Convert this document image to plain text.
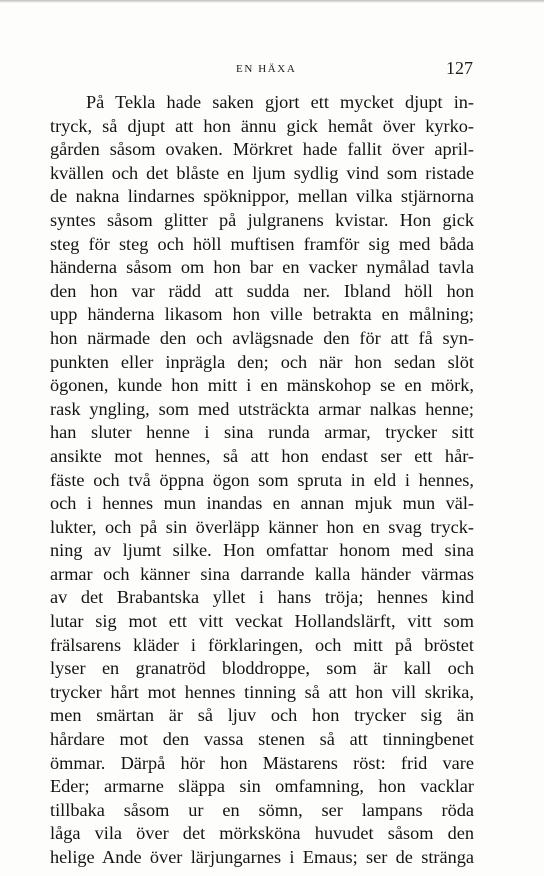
EN HÄXA	127
På Tekla hade saken gjort ett mycket djupt in-
tryck, så djupt att hon ännu gick hemåt över kyrko-
gården såsom ovaken. Mörkret hade fallit över april-
kvällen och det blåste en ljum sydlig vind som ristade
de nakna lindarnes spöknippor, mellan vilka stjärnorna
syntes såsom glitter på julgranens kvistar. Hon gick
steg för steg och höll muftisen framför sig med båda
händerna såsom om hon bar en vacker nymålad tavla
den hon var rädd att sudda ner. Ibland höll hon
upp händerna likasom hon ville betrakta en målning;
hon närmade den och avlägsnade den för att få syn-
punkten eller inprägla den; och när hon sedan slöt
ögonen, kunde hon mitt i en mänskohop se en mörk,
rask yngling, som med utsträckta armar nalkas henne;
han sluter henne i sina runda armar, trycker sitt
ansikte mot hennes, så att hon endast ser ett hår-
fäste och två öppna ögon som spruta in eld i hennes,
och i hennes mun inandas en annan mjuk mun väl-
lukter, och på sin överläpp känner hon en svag tryck-
ning av ljumt silke. Hon omfattar honom med sina
armar och känner sina darrande kalla händer värmas
av det Brabantska yllet i hans tröja; hennes kind
lutar sig mot ett vitt veckat Hollandslärft, vitt som
frälsarens kläder i förklaringen, och mitt på bröstet
lyser en granatröd bloddroppe, som är kall och
trycker hårt mot hennes tinning så att hon vill skrika,
men smärtan är så ljuv och hon trycker sig än
hårdare mot den vassa stenen så att tinningbenet
ömmar. Därpå hör hon Mästarens röst: frid vare
Eder; armarne släppa sin omfamning, hon vacklar
tillbaka såsom ur en sömn, ser lampans röda
låga vila över det mörksköna huvudet såsom den
helige Ande över lärjungarnes i Emaus; ser de stränga
